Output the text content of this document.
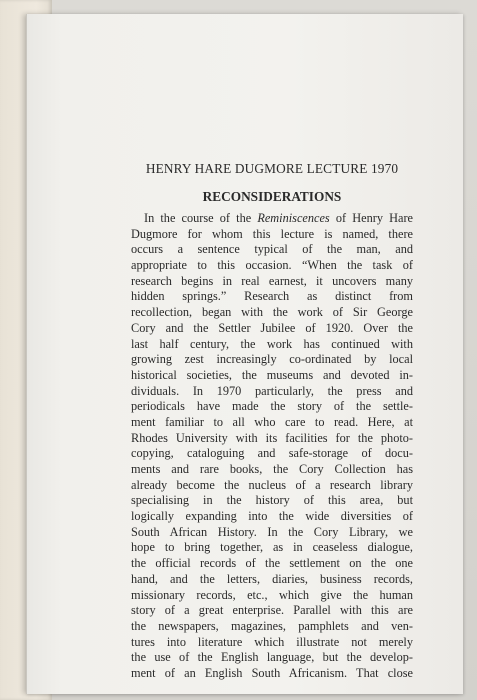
HENRY HARE DUGMORE LECTURE 1970
RECONSIDERATIONS
In the course of the Reminiscences of Henry Hare
Dugmore for whom this lecture is named, there
occurs a sentence typical of the man, and
appropriate to this occasion. “When the task of
research begins in real earnest, it uncovers many
hidden springs.” Research as distinct from
recollection, began with the work of Sir George
Cory and the Settler Jubilee of 1920. Over the
last half century, the work has continued with
growing zest increasingly co-ordinated by local
historical societies, the museums and devoted in-
dividuals. In 1970 particularly, the press and
periodicals have made the story of the settle-
ment familiar to all who care to read. Here, at
Rhodes University with its facilities for the photo-
copying, cataloguing and safe-storage of docu-
ments and rare books, the Cory Collection has
already become the nucleus of a research library
specialising in the history of this area, but
logically expanding into the wide diversities of
South African History. In the Cory Library, we
hope to bring together, as in ceaseless dialogue,
the official records of the settlement on the one
hand, and the letters, diaries, business records,
missionary records, etc., which give the human
story of a great enterprise. Parallel with this are
the newspapers, magazines, pamphlets and ven-
tures into literature which illustrate not merely
the use of the English language, but the develop-
ment of an English South Africanism. That close
